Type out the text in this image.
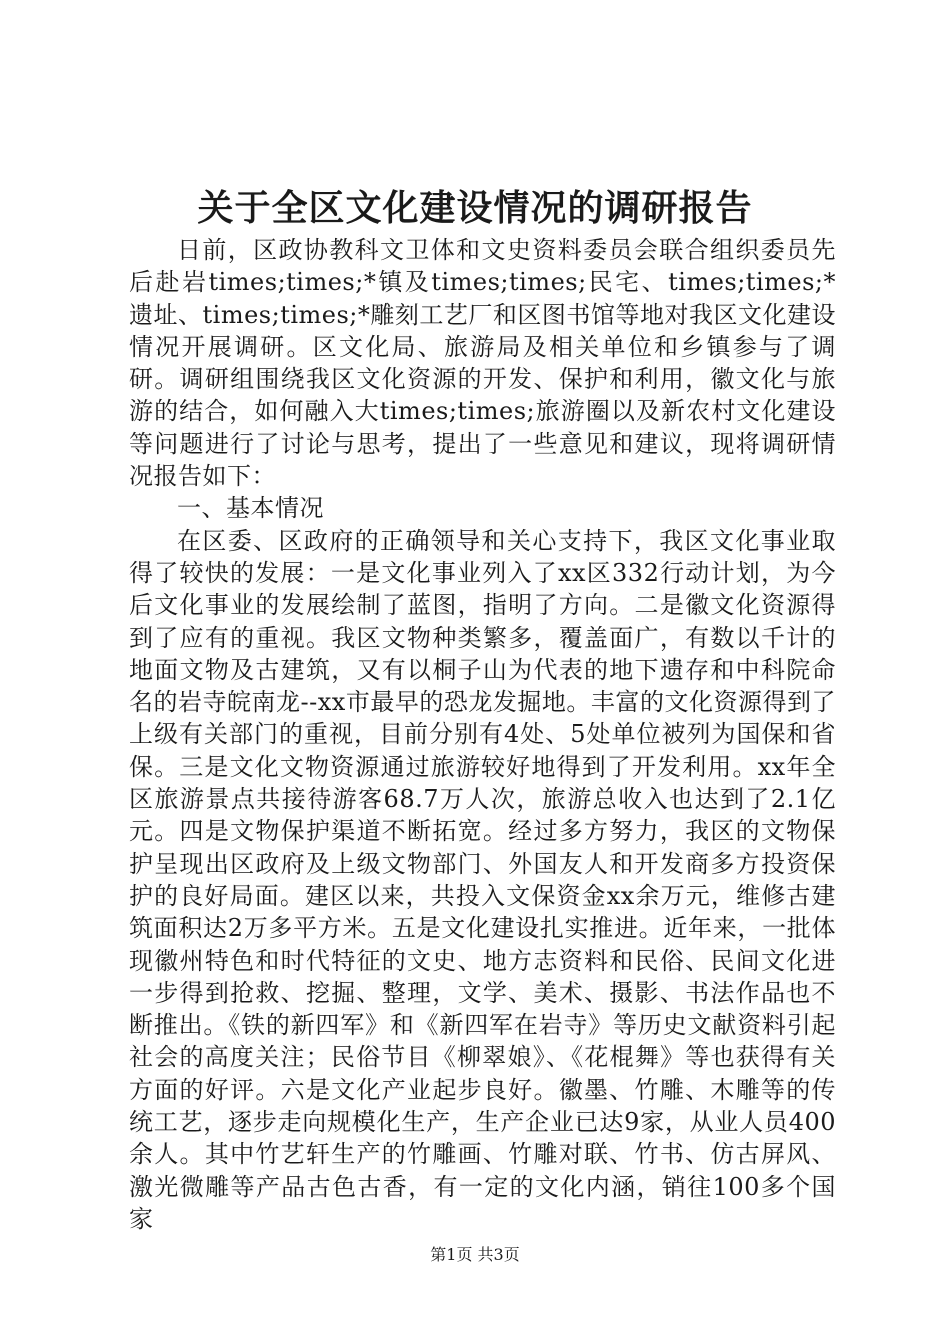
关于全区文化建设情况的调研报告

日前，区政协教科文卫体和文史资料委员会联合组织委员先后赴岩times;times;*镇及times;times;民宅、times;times;*遗址、times;times;*雕刻工艺厂和区图书馆等地对我区文化建设情况开展调研。区文化局、旅游局及相关单位和乡镇参与了调研。调研组围绕我区文化资源的开发、保护和利用，徽文化与旅游的结合，如何融入大times;times;旅游圈以及新农村文化建设等问题进行了讨论与思考，提出了一些意见和建议，现将调研情况报告如下：

一、基本情况

在区委、区政府的正确领导和关心支持下，我区文化事业取得了较快的发展：一是文化事业列入了xx区332行动计划，为今后文化事业的发展绘制了蓝图，指明了方向。二是徽文化资源得到了应有的重视。我区文物种类繁多，覆盖面广，有数以千计的地面文物及古建筑，又有以桐子山为代表的地下遗存和中科院命名的岩寺皖南龙--xx市最早的恐龙发掘地。丰富的文化资源得到了上级有关部门的重视，目前分别有4处、5处单位被列为国保和省保。三是文化文物资源通过旅游较好地得到了开发利用。xx年全区旅游景点共接待游客68.7万人次，旅游总收入也达到了2.1亿元。四是文物保护渠道不断拓宽。经过多方努力，我区的文物保护呈现出区政府及上级文物部门、外国友人和开发商多方投资保护的良好局面。建区以来，共投入文保资金xx余万元，维修古建筑面积达2万多平方米。五是文化建设扎实推进。近年来，一批体现徽州特色和时代特征的文史、地方志资料和民俗、民间文化进一步得到抢救、挖掘、整理，文学、美术、摄影、书法作品也不断推出。《铁的新四军》和《新四军在岩寺》等历史文献资料引起社会的高度关注；民俗节目《柳翠娘》、《花棍舞》等也获得有关方面的好评。六是文化产业起步良好。徽墨、竹雕、木雕等的传统工艺，逐步走向规模化生产，生产企业已达9家，从业人员400余人。其中竹艺轩生产的竹雕画、竹雕对联、竹书、仿古屏风、激光微雕等产品古色古香，有一定的文化内涵，销往100多个国家

第1页 共3页
